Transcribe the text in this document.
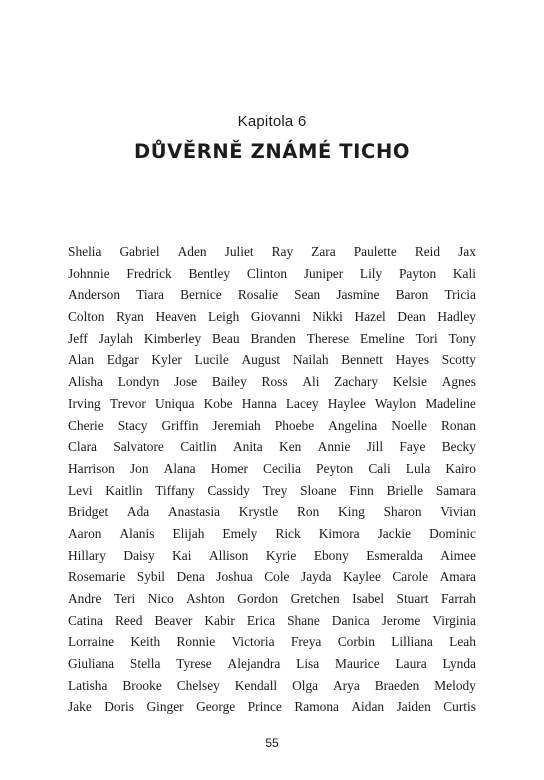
Kapitola 6
DŮVĚRNĚ ZNÁMÉ TICHO
Shelia Gabriel Aden Juliet Ray Zara Paulette Reid Jax
Johnnie Fredrick Bentley Clinton Juniper Lily Payton Kali
Anderson Tiara Bernice Rosalie Sean Jasmine Baron Tricia
Colton Ryan Heaven Leigh Giovanni Nikki Hazel Dean Hadley
Jeff Jaylah Kimberley Beau Branden Therese Emeline Tori Tony
Alan Edgar Kyler Lucile August Nailah Bennett Hayes Scotty
Alisha Londyn Jose Bailey Ross Ali Zachary Kelsie Agnes
Irving Trevor Uniqua Kobe Hanna Lacey Haylee Waylon Madeline
Cherie Stacy Griffin Jeremiah Phoebe Angelina Noelle Ronan
Clara Salvatore Caitlin Anita Ken Annie Jill Faye Becky
Harrison Jon Alana Homer Cecilia Peyton Cali Lula Kairo
Levi Kaitlin Tiffany Cassidy Trey Sloane Finn Brielle Samara
Bridget Ada Anastasia Krystle Ron King Sharon Vivian
Aaron Alanis Elijah Emely Rick Kimora Jackie Dominic
Hillary Daisy Kai Allison Kyrie Ebony Esmeralda Aimee
Rosemarie Sybil Dena Joshua Cole Jayda Kaylee Carole Amara
Andre Teri Nico Ashton Gordon Gretchen Isabel Stuart Farrah
Catina Reed Beaver Kabir Erica Shane Danica Jerome Virginia
Lorraine Keith Ronnie Victoria Freya Corbin Lilliana Leah
Giuliana Stella Tyrese Alejandra Lisa Maurice Laura Lynda
Latisha Brooke Chelsey Kendall Olga Arya Braeden Melody
Jake Doris Ginger George Prince Ramona Aidan Jaiden Curtis
55
